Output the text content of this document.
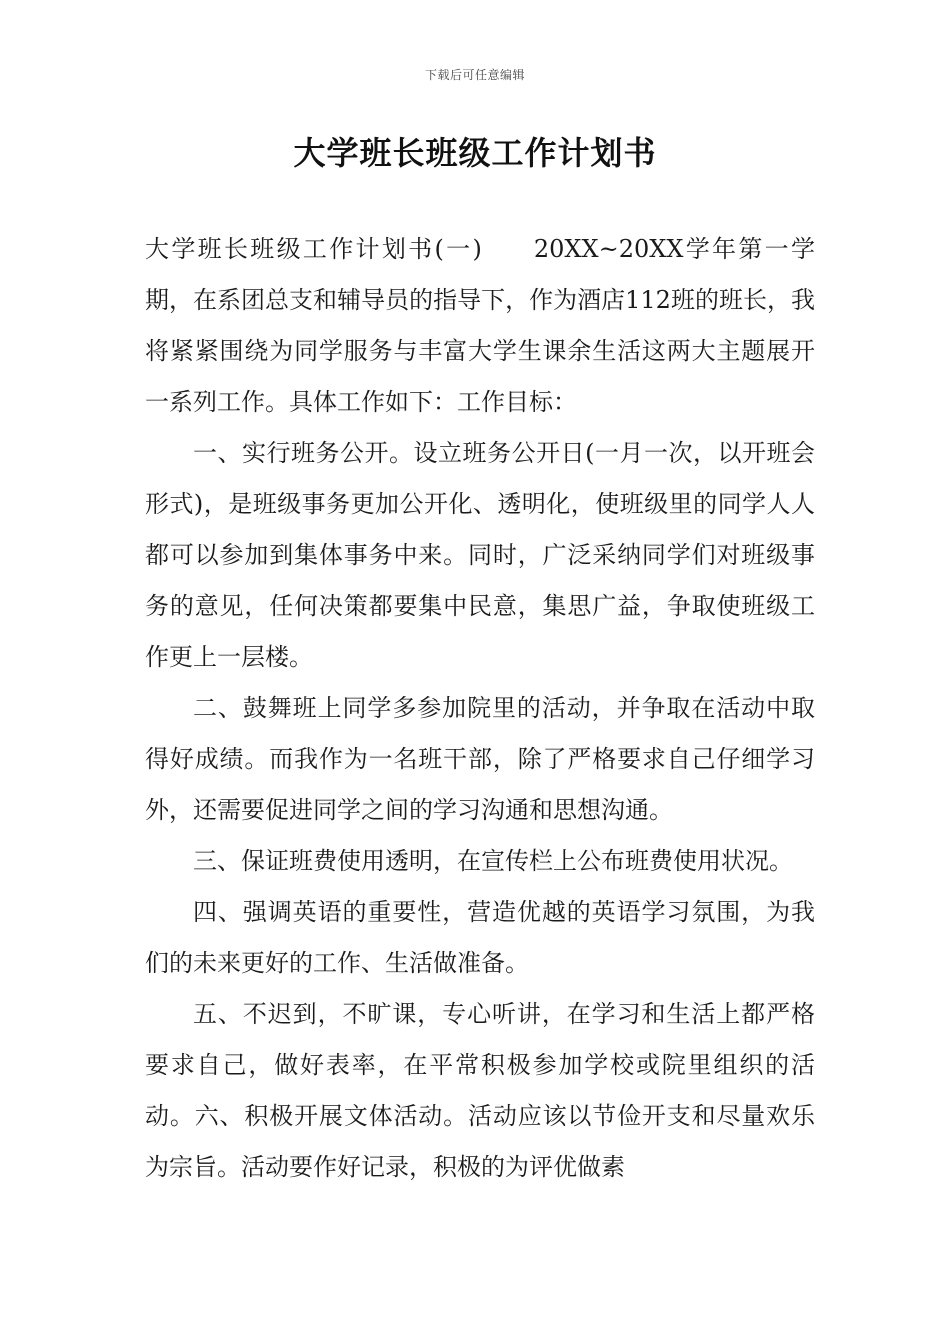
下载后可任意编辑
大学班长班级工作计划书

大学班长班级工作计划书(一) 20XX~20XX学年第一学期，在系团总支和辅导员的指导下，作为酒店112班的班长，我将紧紧围绕为同学服务与丰富大学生课余生活这两大主题展开一系列工作。具体工作如下：工作目标：

一、实行班务公开。设立班务公开日(一月一次，以开班会形式)，是班级事务更加公开化、透明化，使班级里的同学人人都可以参加到集体事务中来。同时，广泛采纳同学们对班级事务的意见，任何决策都要集中民意，集思广益，争取使班级工作更上一层楼。

二、鼓舞班上同学多参加院里的活动，并争取在活动中取得好成绩。而我作为一名班干部，除了严格要求自己仔细学习外，还需要促进同学之间的学习沟通和思想沟通。

三、保证班费使用透明，在宣传栏上公布班费使用状况。

四、强调英语的重要性，营造优越的英语学习氛围，为我们的未来更好的工作、生活做准备。

五、不迟到，不旷课，专心听讲，在学习和生活上都严格要求自己，做好表率，在平常积极参加学校或院里组织的活动。六、积极开展文体活动。活动应该以节俭开支和尽量欢乐为宗旨。活动要作好记录，积极的为评优做素
